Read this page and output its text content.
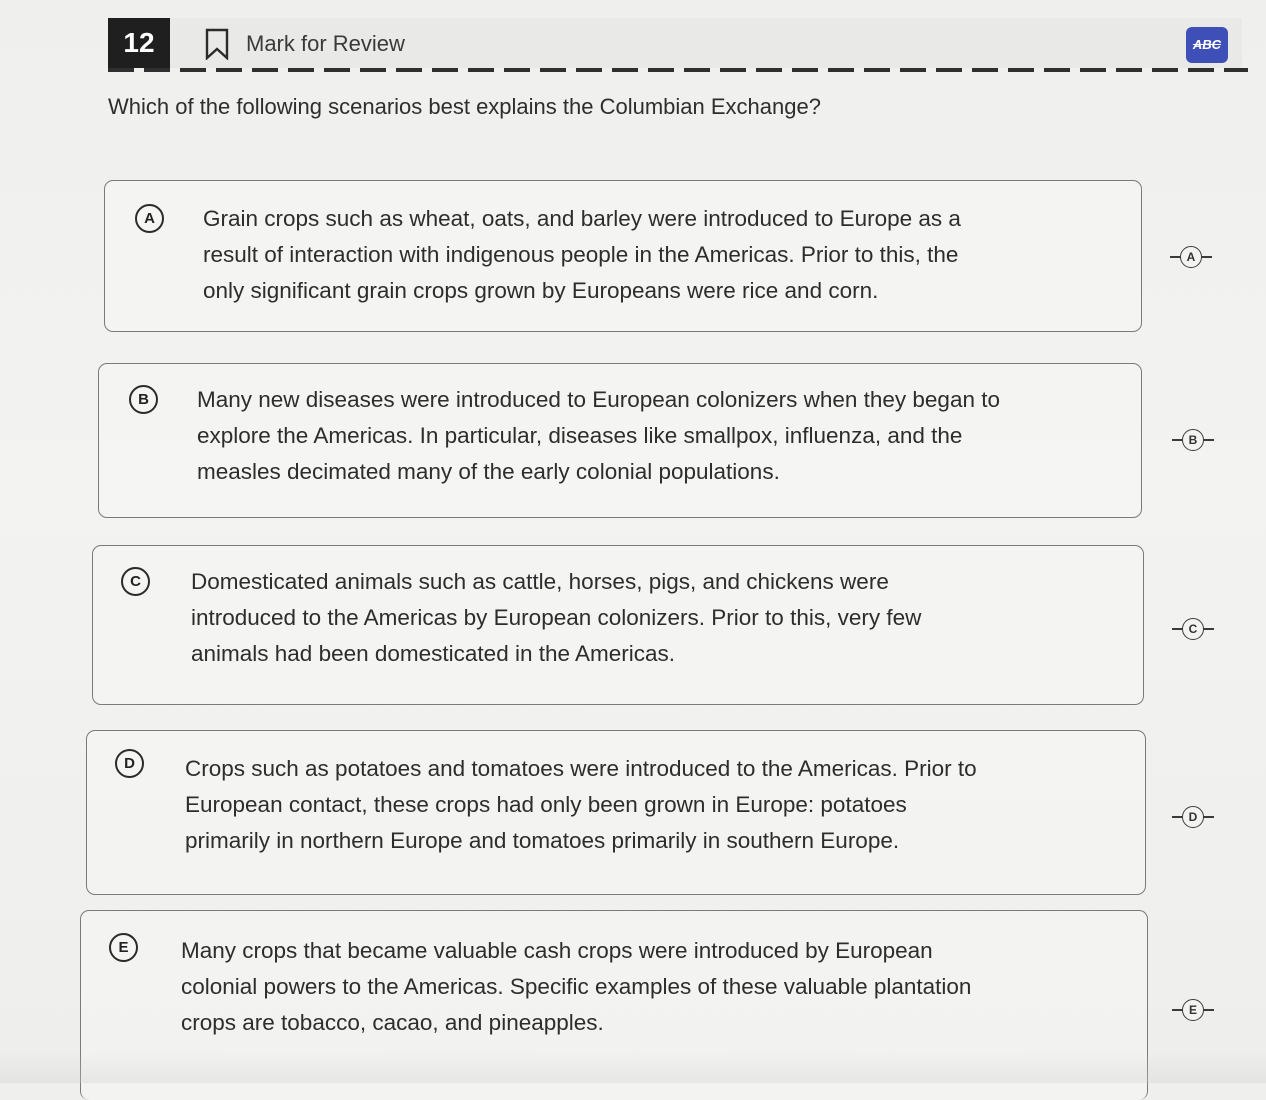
12	Mark for Review	ABC
Which of the following scenarios best explains the Columbian Exchange?
A	Grain crops such as wheat, oats, and barley were introduced to Europe as a
result of interaction with indigenous people in the Americas. Prior to this, the
only significant grain crops grown by Europeans were rice and corn.
A
B	Many new diseases were introduced to European colonizers when they began to
explore the Americas. In particular, diseases like smallpox, influenza, and the
measles decimated many of the early colonial populations.
B
C	Domesticated animals such as cattle, horses, pigs, and chickens were
introduced to the Americas by European colonizers. Prior to this, very few
animals had been domesticated in the Americas.
C
D	Crops such as potatoes and tomatoes were introduced to the Americas. Prior to
European contact, these crops had only been grown in Europe: potatoes
primarily in northern Europe and tomatoes primarily in southern Europe.
D
E	Many crops that became valuable cash crops were introduced by European
colonial powers to the Americas. Specific examples of these valuable plantation
crops are tobacco, cacao, and pineapples.	E
